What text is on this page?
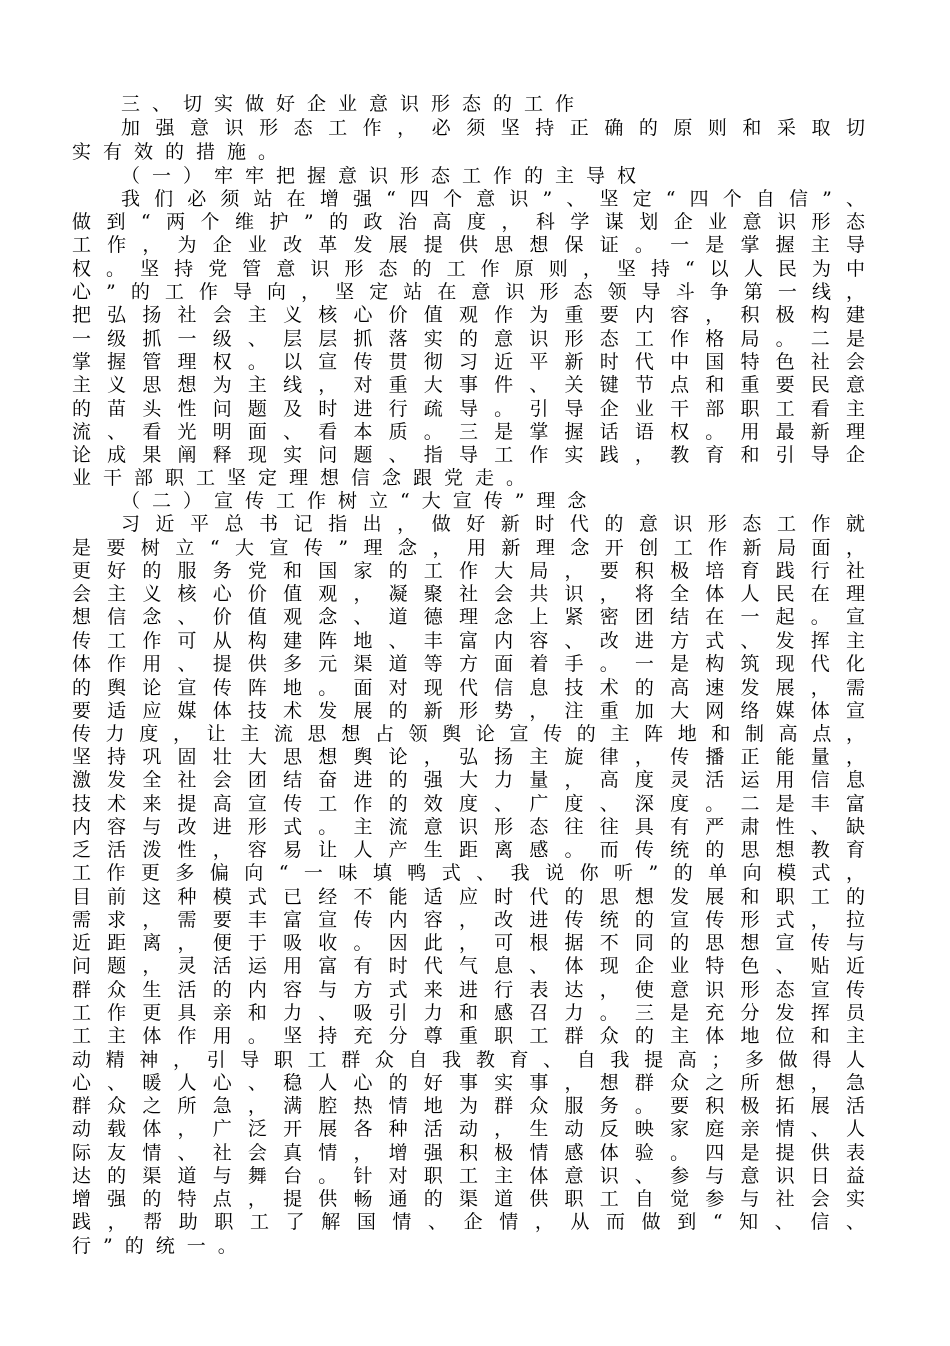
三、切实做好企业意识形态的工作
加强意识形态工作，必须坚持正确的原则和采取切
实有效的措施。
（一）牢牢把握意识形态工作的主导权
我们必须站在增强“四个意识”、坚定“四个自信”、
做到“两个维护”的政治高度，科学谋划企业意识形态
工作，为企业改革发展提供思想保证。一是掌握主导
权。坚持党管意识形态的工作原则，坚持“以人民为中
心”的工作导向，坚定站在意识形态领导斗争第一线，
把弘扬社会主义核心价值观作为重要内容，积极构建
一级抓一级、层层抓落实的意识形态工作格局。二是
掌握管理权。以宣传贯彻习近平新时代中国特色社会
主义思想为主线，对重大事件、关键节点和重要民意
的苗头性问题及时进行疏导。引导企业干部职工看主
流、看光明面、看本质。三是掌握话语权。用最新理
论成果阐释现实问题、指导工作实践，教育和引导企
业干部职工坚定理想信念跟党走。
（二）宣传工作树立“大宣传”理念
习近平总书记指出，做好新时代的意识形态工作就
是要树立“大宣传”理念，用新理念开创工作新局面，
更好的服务党和国家的工作大局，要积极培育践行社
会主义核心价值观，凝聚社会共识，将全体人民在理
想信念、价值观念、道德理念上紧密团结在一起。宣
传工作可从构建阵地、丰富内容、改进方式、发挥主
体作用、提供多元渠道等方面着手。一是构筑现代化
的舆论宣传阵地。面对现代信息技术的高速发展，需
要适应媒体技术发展的新形势，注重加大网络媒体宣
传力度，让主流思想占领舆论宣传的主阵地和制高点，
坚持巩固壮大思想舆论，弘扬主旋律，传播正能量，
激发全社会团结奋进的强大力量，高度灵活运用信息
技术来提高宣传工作的效度、广度、深度。二是丰富
内容与改进形式。主流意识形态往往具有严肃性、缺
乏活泼性，容易让人产生距离感。而传统的思想教育
工作更多偏向“一味填鸭式、我说你听”的单向模式，
目前这种模式已经不能适应时代的思想发展和职工的
需求，需要丰富宣传内容，改进传统的宣传形式，拉
近距离，便于吸收。因此，可根据不同的思想宣传与
问题，灵活运用富有时代气息、体现企业特色、贴近
群众生活的内容与方式来进行表达，使意识形态宣传
工作更具亲和力、吸引力和感召力。三是充分发挥员
工主体作用。坚持充分尊重职工群众的主体地位和主
动精神，引导职工群众自我教育、自我提高；多做得人
心、暖人心、稳人心的好事实事，想群众之所想，急
群众之所急，满腔热情地为群众服务。要积极拓展活
动载体，广泛开展各种活动，生动反映家庭亲情、人
际友情、社会真情，增强积极情感体验。四是提供表
达的渠道与舞台。针对职工主体意识、参与意识日益
增强的特点，提供畅通的渠道供职工自觉参与社会实
践，帮助职工了解国情、企情，从而做到“知、信、
行”的统一。
